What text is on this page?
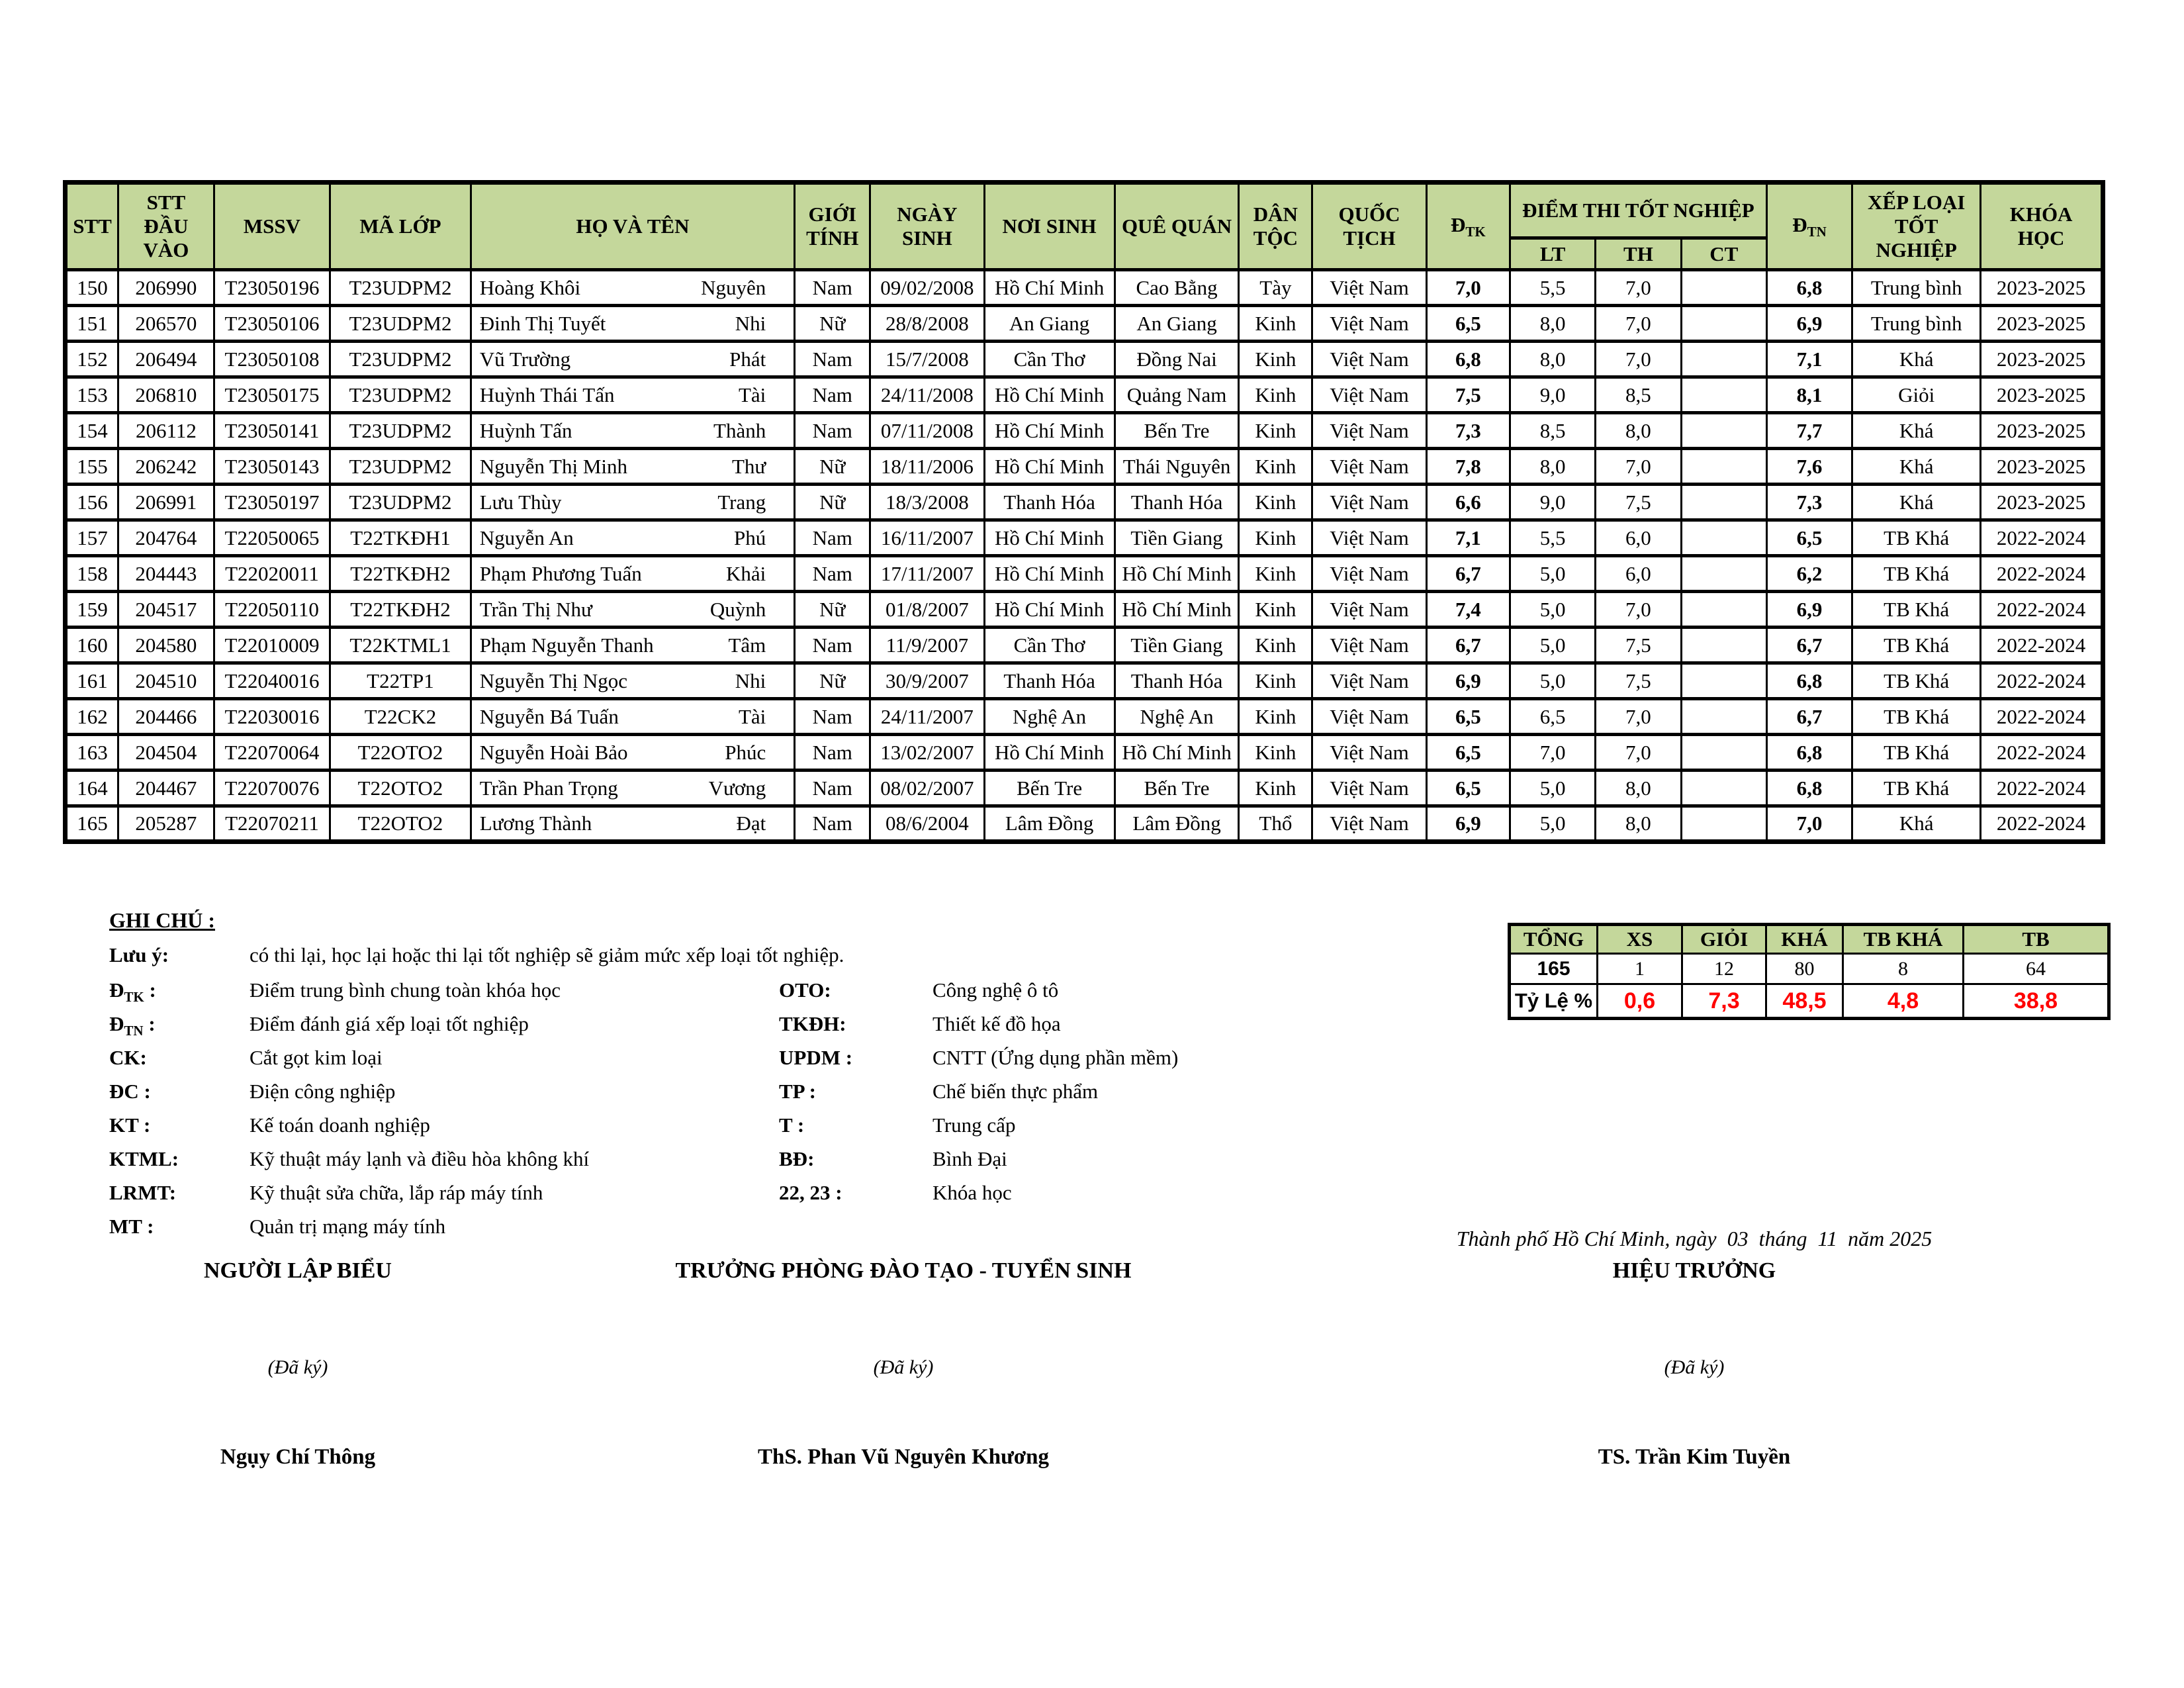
STT	STT ĐẦU VÀO	MSSV	MÃ LỚP	HỌ VÀ TÊN	GIỚI TÍNH	NGÀY SINH	NƠI SINH	QUÊ QUÁN	DÂN TỘC	QUỐC TỊCH	$Đ_{TK}$	ĐIỂM THI TỐT NGHIỆP			$Đ_{TN}$	XẾP LOẠI TỐT NGHIỆP	KHÓA HỌC
												LT	TH	CT			
150	206990	T23050196	T23UDPM2	Hoàng Khôi Nguyên	Nam	09/02/2008	Hồ Chí Minh	Cao Bằng	Tày	Việt Nam	7,0	5,5	7,0		6,8	Trung bình	2023-2025
151	206570	T23050106	T23UDPM2	Đinh Thị Tuyết Nhi	Nữ	28/8/2008	An Giang	An Giang	Kinh	Việt Nam	6,5	8,0	7,0		6,9	Trung bình	2023-2025
152	206494	T23050108	T23UDPM2	Vũ Trường Phát	Nam	15/7/2008	Cần Thơ	Đồng Nai	Kinh	Việt Nam	6,8	8,0	7,0		7,1	Khá	2023-2025
153	206810	T23050175	T23UDPM2	Huỳnh Thái Tấn Tài	Nam	24/11/2008	Hồ Chí Minh	Quảng Nam	Kinh	Việt Nam	7,5	9,0	8,5		8,1	Giỏi	2023-2025
154	206112	T23050141	T23UDPM2	Huỳnh Tấn Thành	Nam	07/11/2008	Hồ Chí Minh	Bến Tre	Kinh	Việt Nam	7,3	8,5	8,0		7,7	Khá	2023-2025
155	206242	T23050143	T23UDPM2	Nguyễn Thị Minh Thư	Nữ	18/11/2006	Hồ Chí Minh	Thái Nguyên	Kinh	Việt Nam	7,8	8,0	7,0		7,6	Khá	2023-2025
156	206991	T23050197	T23UDPM2	Lưu Thùy Trang	Nữ	18/3/2008	Thanh Hóa	Thanh Hóa	Kinh	Việt Nam	6,6	9,0	7,5		7,3	Khá	2023-2025
157	204764	T22050065	T22TKĐH1	Nguyễn An Phú	Nam	16/11/2007	Hồ Chí Minh	Tiền Giang	Kinh	Việt Nam	7,1	5,5	6,0		6,5	TB Khá	2022-2024
158	204443	T22020011	T22TKĐH2	Phạm Phương Tuấn Khải	Nam	17/11/2007	Hồ Chí Minh	Hồ Chí Minh	Kinh	Việt Nam	6,7	5,0	6,0		6,2	TB Khá	2022-2024
159	204517	T22050110	T22TKĐH2	Trần Thị Như Quỳnh	Nữ	01/8/2007	Hồ Chí Minh	Hồ Chí Minh	Kinh	Việt Nam	7,4	5,0	7,0		6,9	TB Khá	2022-2024
160	204580	T22010009	T22KTML1	Phạm Nguyễn Thanh Tâm	Nam	11/9/2007	Cần Thơ	Tiền Giang	Kinh	Việt Nam	6,7	5,0	7,5		6,7	TB Khá	2022-2024
161	204510	T22040016	T22TP1	Nguyễn Thị Ngọc Nhi	Nữ	30/9/2007	Thanh Hóa	Thanh Hóa	Kinh	Việt Nam	6,9	5,0	7,5		6,8	TB Khá	2022-2024
162	204466	T22030016	T22CK2	Nguyễn Bá Tuấn Tài	Nam	24/11/2007	Nghệ An	Nghệ An	Kinh	Việt Nam	6,5	6,5	7,0		6,7	TB Khá	2022-2024
163	204504	T22070064	T22OTO2	Nguyễn Hoài Bảo Phúc	Nam	13/02/2007	Hồ Chí Minh	Hồ Chí Minh	Kinh	Việt Nam	6,5	7,0	7,0		6,8	TB Khá	2022-2024
164	204467	T22070076	T22OTO2	Trần Phan Trọng Vương	Nam	08/02/2007	Bến Tre	Bến Tre	Kinh	Việt Nam	6,5	5,0	8,0		6,8	TB Khá	2022-2024
165	205287	T22070211	T22OTO2	Lương Thành Đạt	Nam	08/6/2004	Lâm Đồng	Lâm Đồng	Thổ	Việt Nam	6,9	5,0	8,0		7,0	Khá	2022-2024
GHI CHÚ :
Lưu ý:	có thi lại, học lại hoặc thi lại tốt nghiệp sẽ giảm mức xếp loại tốt nghiệp.
$Đ_{TK}$ :	Điểm trung bình chung toàn khóa học	OTO:	Công nghệ ô tô
$Đ_{TN}$ :	Điểm đánh giá xếp loại tốt nghiệp	TKĐH:	Thiết kế đồ họa
CK:	Cắt gọt kim loại	UPDM :	CNTT (Ứng dụng phần mềm)
ĐC :	Điện công nghiệp	TP :	Chế biến thực phẩm
KT :	Kế toán doanh nghiệp	T :	Trung cấp
KTML:	Kỹ thuật máy lạnh và điều hòa không khí	BĐ:	Bình Đại
LRMT:	Kỹ thuật sửa chữa, lắp ráp máy tính	22, 23 :	Khóa học
MT :	Quản trị mạng máy tính
TỔNG	XS	GIỎI	KHÁ	TB KHÁ	TB
165	1	12	80	8	64
Tỷ Lệ %	0,6	7,3	48,5	4,8	38,8
Thành phố Hồ Chí Minh, ngày  03  tháng  11  năm 2025
NGƯỜI LẬP BIỂU
(Đã ký)
Ngụy Chí Thông
TRƯỞNG PHÒNG ĐÀO TẠO - TUYỂN SINH
(Đã ký)
ThS. Phan Vũ Nguyên Khương
HIỆU TRƯỞNG
(Đã ký)
TS. Trần Kim Tuyền
